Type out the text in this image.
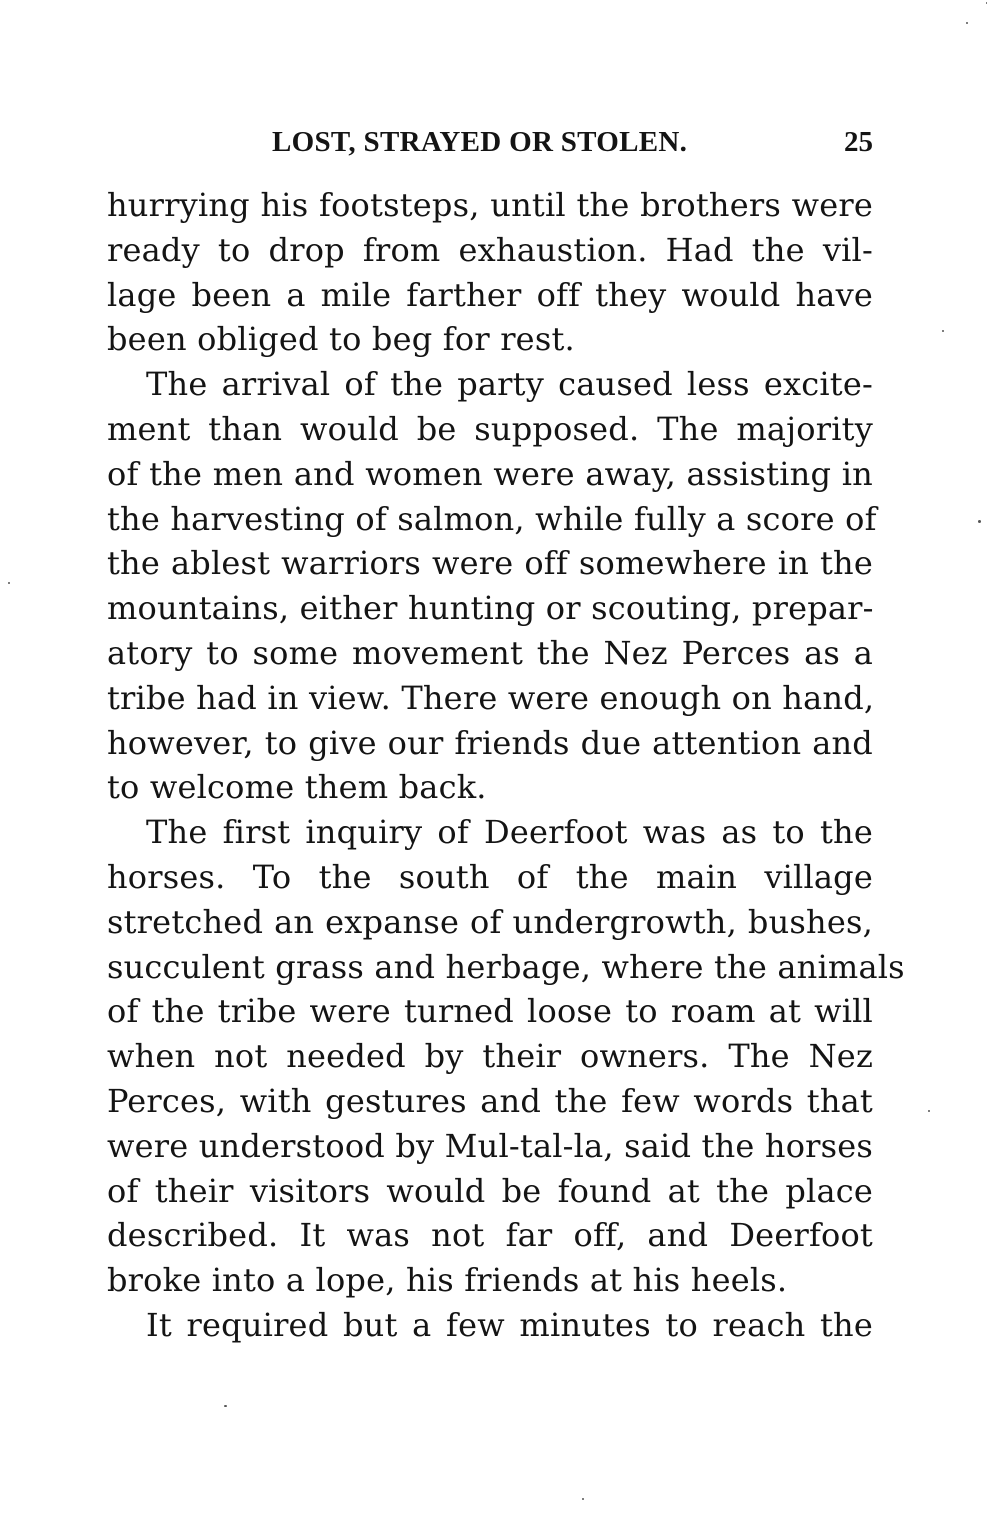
LOST, STRAYED OR STOLEN.	25
hurrying his footsteps, until the brothers were
ready to drop from exhaustion. Had the vil-
lage been a mile farther off they would have
been obliged to beg for rest.
The arrival of the party caused less excite-
ment than would be supposed. The majority
of the men and women were away, assisting in
the harvesting of salmon, while fully a score of
the ablest warriors were off somewhere in the
mountains, either hunting or scouting, prepar-
atory to some movement the Nez Perces as a
tribe had in view. There were enough on hand,
however, to give our friends due attention and
to welcome them back.
The first inquiry of Deerfoot was as to the
horses. To the south of the main village
stretched an expanse of undergrowth, bushes,
succulent grass and herbage, where the animals
of the tribe were turned loose to roam at will
when not needed by their owners. The Nez
Perces, with gestures and the few words that
were understood by Mul-tal-la, said the horses
of their visitors would be found at the place
described. It was not far off, and Deerfoot
broke into a lope, his friends at his heels.
It required but a few minutes to reach the
